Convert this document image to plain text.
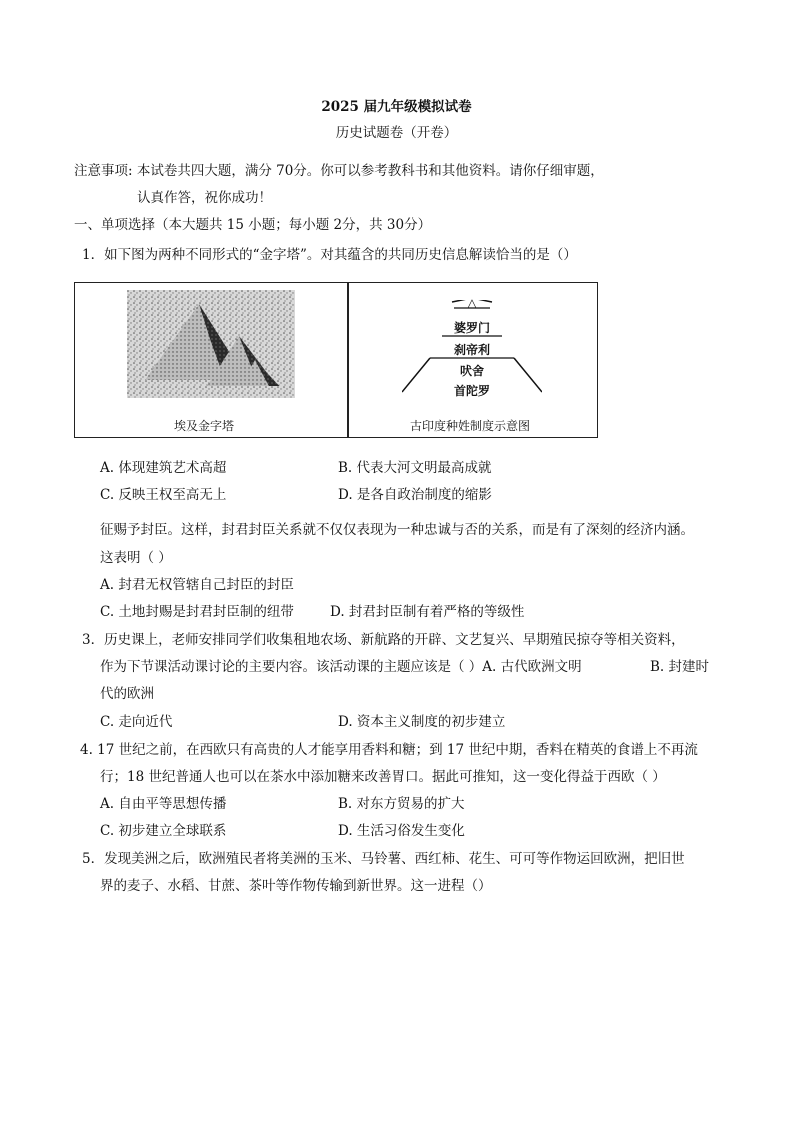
2025 届九年级模拟试卷
历史试题卷（开卷）
注意事项: 本试卷共四大题，满分 70分。你可以参考教科书和其他资料。请你仔细审题，
认真作答，祝你成功！
一、单项选择（本大题共 15 小题；每小题 2分，共 30分）
1．如下图为两种不同形式的“金字塔”。对其蕴含的共同历史信息解读恰当的是（）
埃及金字塔
△
婆罗门
刹帝利
吠舍
首陀罗
古印度种姓制度示意图
A. 体现建筑艺术高超	B. 代表大河文明最高成就
C. 反映王权至高无上	D. 是各自政治制度的缩影
征赐予封臣。这样，封君封臣关系就不仅仅表现为一种忠诚与否的关系，而是有了深刻的经济内涵。
这表明（ ）
A. 封君无权管辖自己封臣的封臣
C. 土地封赐是封君封臣制的纽带	D. 封君封臣制有着严格的等级性
3．历史课上，老师安排同学们收集租地农场、新航路的开辟、文艺复兴、早期殖民掠夺等相关资料，
作为下节课活动课讨论的主要内容。该活动课的主题应该是（ ）A. 古代欧洲文明	B. 封建时
代的欧洲
C. 走向近代	D. 资本主义制度的初步建立
4. 17 世纪之前，在西欧只有高贵的人才能享用香料和糖；到 17 世纪中期，香料在精英的食谱上不再流
行；18 世纪普通人也可以在茶水中添加糖来改善胃口。据此可推知，这一变化得益于西欧（ ）
A. 自由平等思想传播	B. 对东方贸易的扩大
C. 初步建立全球联系	D. 生活习俗发生变化
5．发现美洲之后，欧洲殖民者将美洲的玉米、马铃薯、西红柿、花生、可可等作物运回欧洲，把旧世
界的麦子、水稻、甘蔗、茶叶等作物传输到新世界。这一进程（）
